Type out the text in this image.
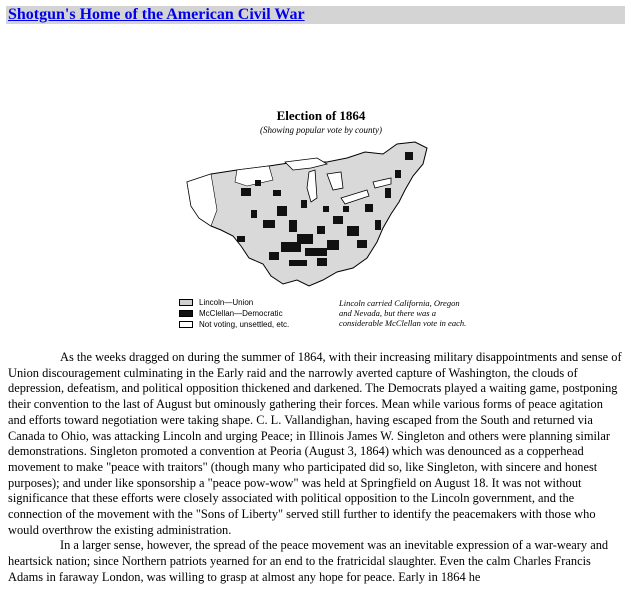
Shotgun's Home of the American Civil War
Election of 1864
(Showing popular vote by county)
Lincoln—Union
McClellan—Democratic
Not voting, unsettled, etc.
Lincoln carried California, Oregon and Nevada, but there was a considerable McClellan vote in each.

As the weeks dragged on during the summer of 1864, with their increasing military disappointments and sense of Union discouragement culminating in the Early raid and the narrowly averted capture of Washington, the clouds of depression, defeatism, and political opposition thickened and darkened. The Democrats played a waiting game, postponing their convention to the last of August but ominously gathering their forces. Mean while various forms of peace agitation and efforts toward negotiation were taking shape. C. L. Vallandighan, having escaped from the South and returned via Canada to Ohio, was attacking Lincoln and urging Peace; in Illinois James W. Singleton and others were planning similar demonstrations. Singleton promoted a convention at Peoria (August 3, 1864) which was denounced as a copperhead movement to make "peace with traitors" (though many who participated did so, like Singleton, with sincere and honest purposes); and under like sponsorship a "peace pow-wow" was held at Springfield on August 18. It was not without significance that these efforts were closely associated with political opposition to the Lincoln government, and the connection of the movement with the "Sons of Liberty" served still further to identify the peacemakers with those who would overthrow the existing administration.

In a larger sense, however, the spread of the peace movement was an inevitable expression of a war-weary and heartsick nation; since Northern patriots yearned for an end to the fratricidal slaughter. Even the calm Charles Francis Adams in faraway London, was willing to grasp at almost any hope for peace. Early in 1864 he
